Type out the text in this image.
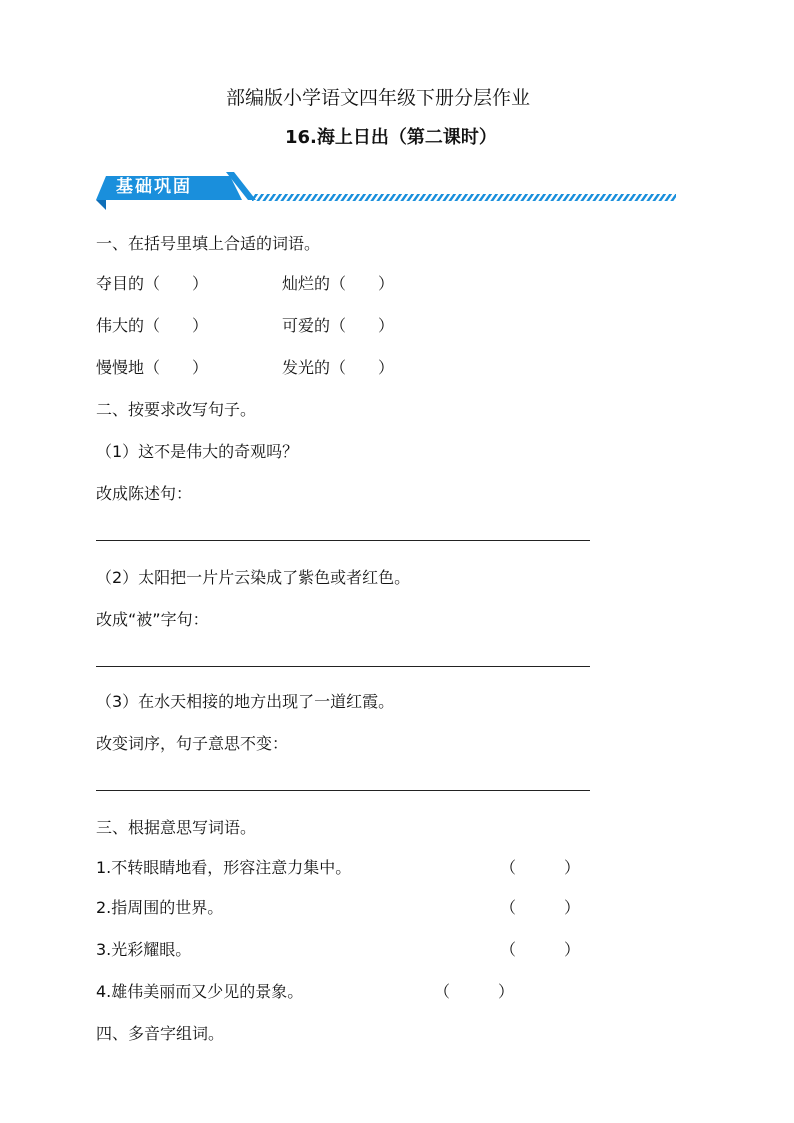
部编版小学语文四年级下册分层作业
16.海上日出（第二课时）
基础巩固
一、在括号里填上合适的词语。
夺目的（　　）	灿烂的（　　）
伟大的（　　）	可爱的（　　）
慢慢地（　　）	发光的（　　）
二、按要求改写句子。
（1）这不是伟大的奇观吗？
改成陈述句：
（2）太阳把一片片云染成了紫色或者红色。
改成“被”字句：
（3）在水天相接的地方出现了一道红霞。
改变词序，句子意思不变：
三、根据意思写词语。
1.不转眼睛地看，形容注意力集中。	（　　　）
2.指周围的世界。	（　　　）
3.光彩耀眼。	（　　　）
4.雄伟美丽而又少见的景象。	（　　　）
四、多音字组词。
